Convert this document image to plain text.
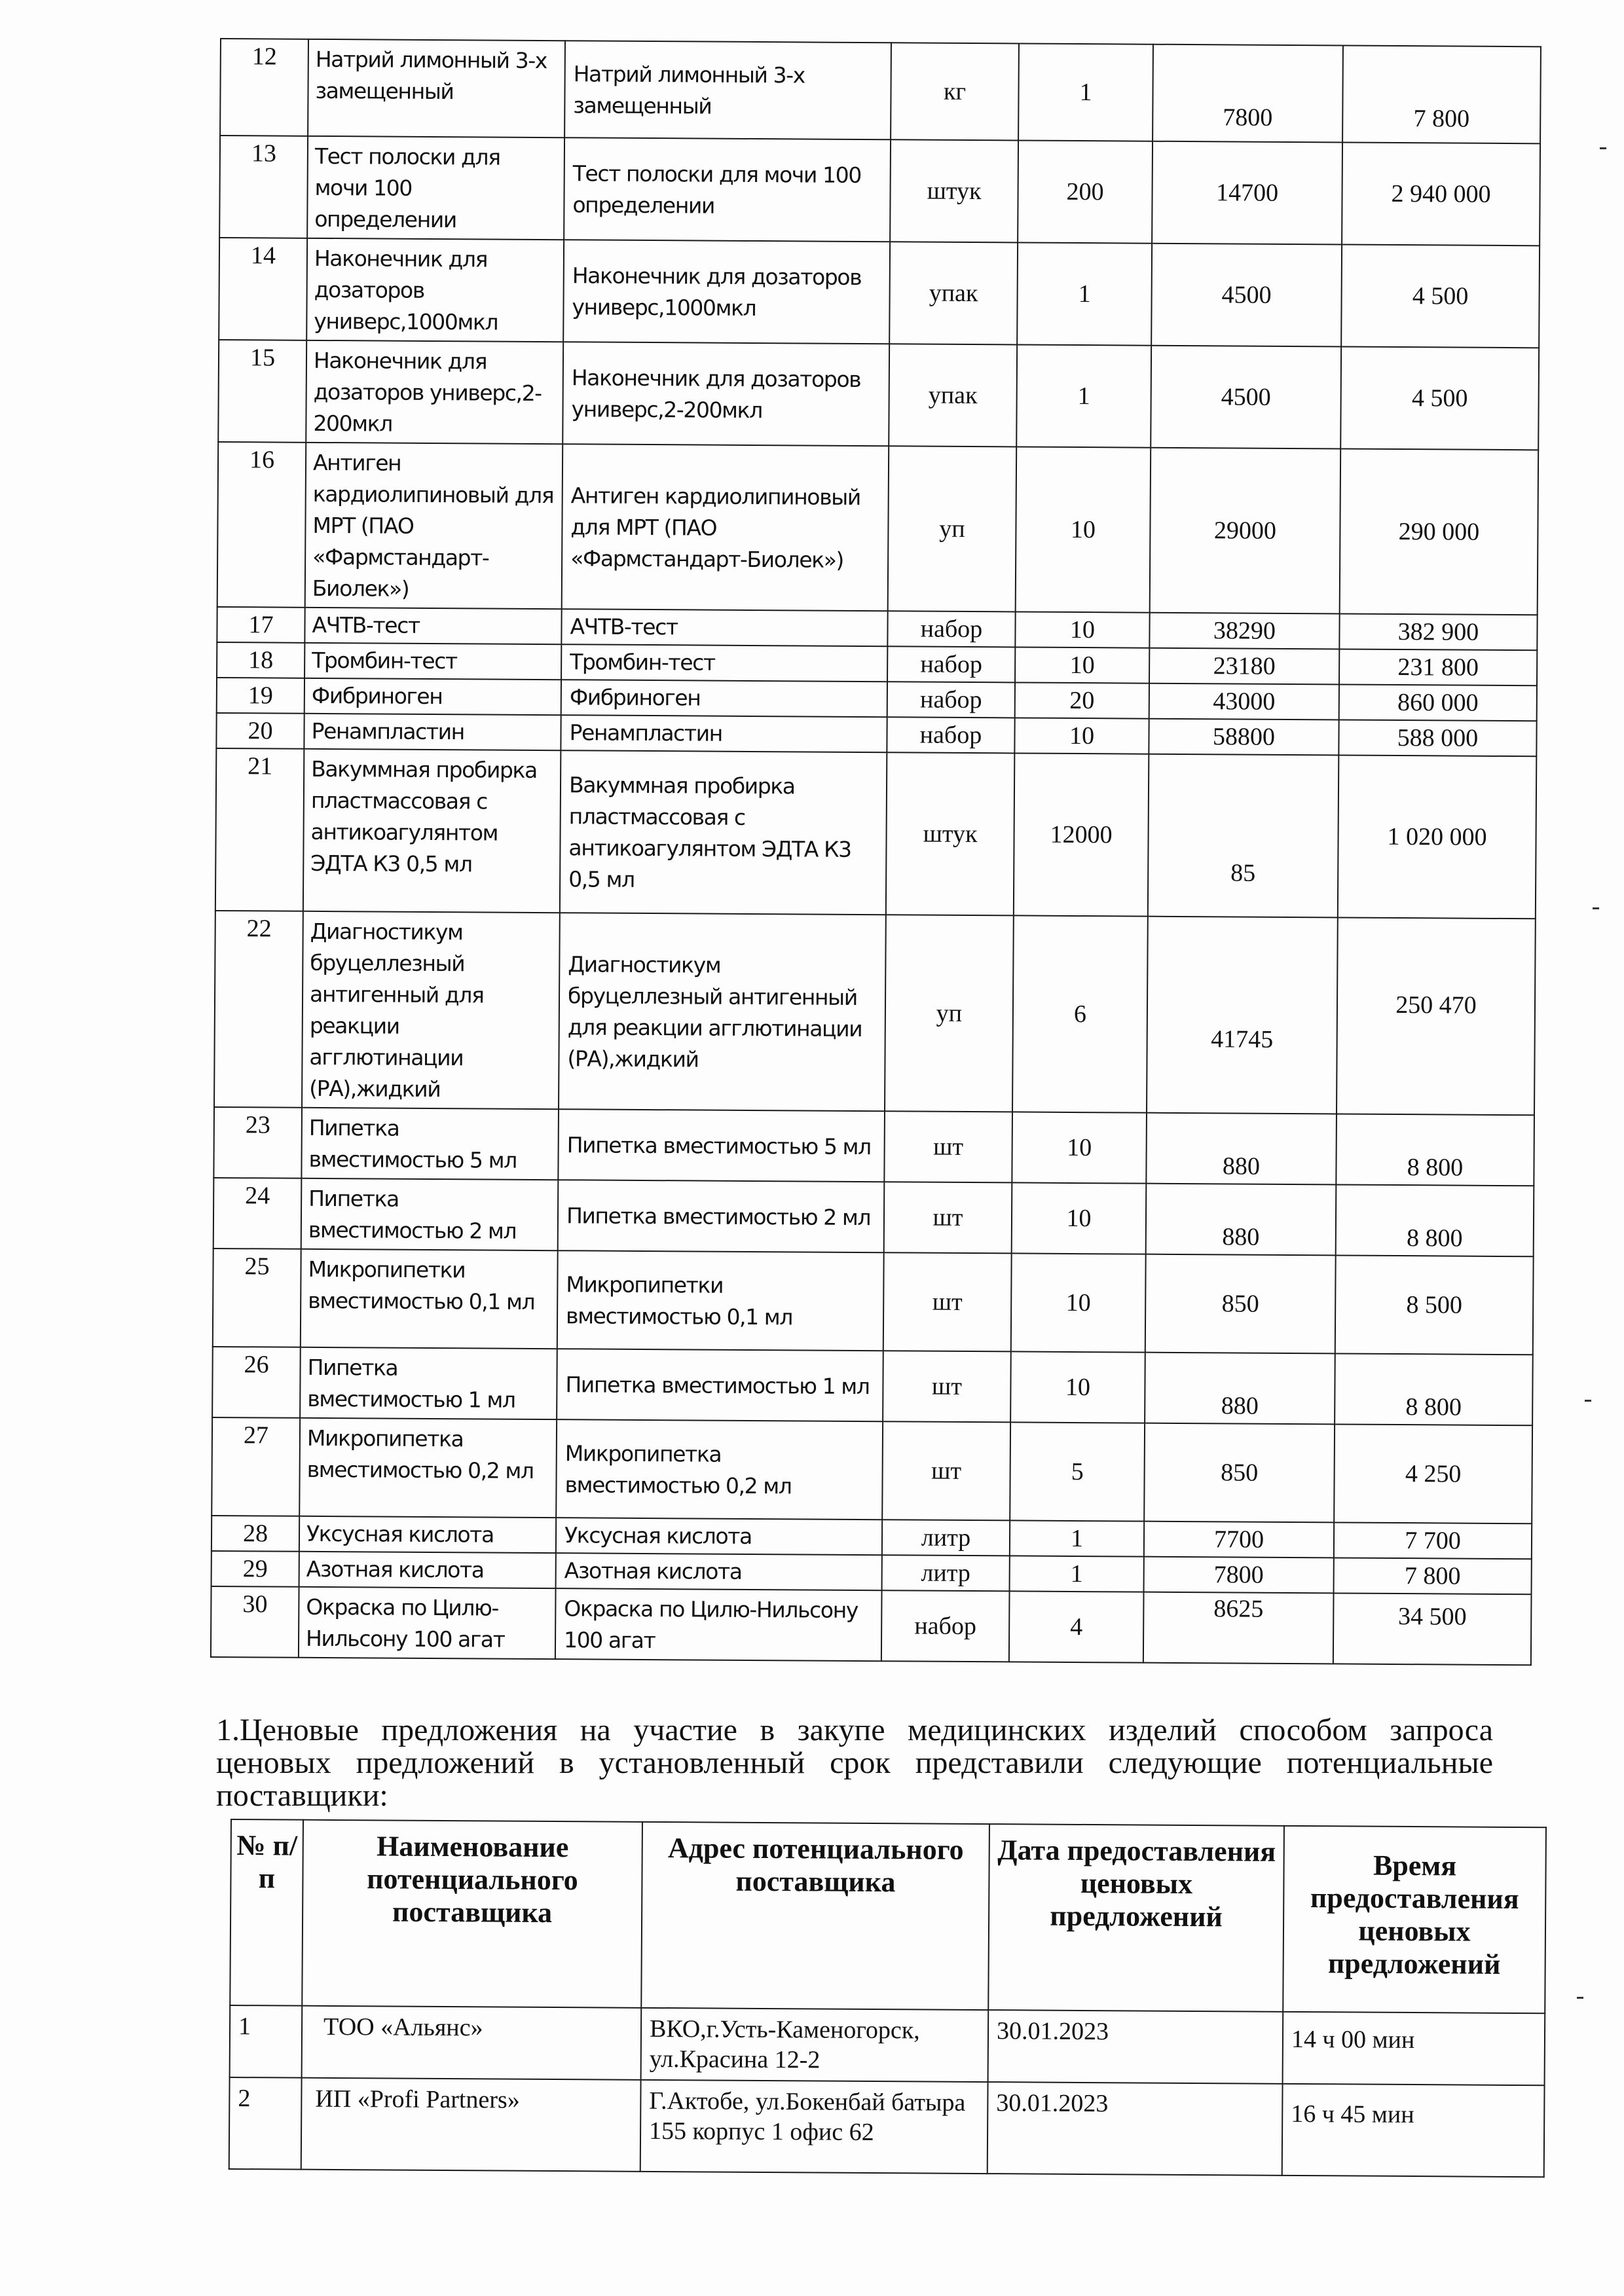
12	Натрий лимонный 3-х замещенный	Натрий лимонный 3-х замещенный	кг	1	7800	7 800
13	Тест полоски для мочи 100 определении	Тест полоски для мочи 100 определении	штук	200	14700	2 940 000
14	Наконечник для дозаторов универс,1000мкл	Наконечник для дозаторов универс,1000мкл	упак	1	4500	4 500
15	Наконечник для дозаторов универс,2-200мкл	Наконечник для дозаторов универс,2-200мкл	упак	1	4500	4 500
16	Антиген кардиолипиновый для МРТ (ПАО «Фармстандарт-Биолек»)	Антиген кардиолипиновый для МРТ (ПАО «Фармстандарт-Биолек»)	уп	10	29000	290 000
17	АЧТВ-тест	АЧТВ-тест	набор	10	38290	382 900
18	Тромбин-тест	Тромбин-тест	набор	10	23180	231 800
19	Фибриноген	Фибриноген	набор	20	43000	860 000
20	Ренампластин	Ренампластин	набор	10	58800	588 000
21	Вакуммная пробирка пластмассовая с антикоагулянтом ЭДТА К3 0,5 мл	Вакуммная пробирка пластмассовая с антикоагулянтом ЭДТА К3 0,5 мл	штук	12000	85	1 020 000
22	Диагностикум бруцеллезный антигенный для реакции агглютинации (РА),жидкий	Диагностикум бруцеллезный антигенный для реакции агглютинации (РА),жидкий	уп	6	41745	250 470
23	Пипетка вместимостью 5 мл	Пипетка вместимостью 5 мл	шт	10	880	8 800
24	Пипетка вместимостью 2 мл	Пипетка вместимостью 2 мл	шт	10	880	8 800
25	Микропипетки вместимостью 0,1 мл	Микропипетки вместимостью 0,1 мл	шт	10	850	8 500
26	Пипетка вместимостью 1 мл	Пипетка вместимостью 1 мл	шт	10	880	8 800
27	Микропипетка вместимостью 0,2 мл	Микропипетка вместимостью 0,2 мл	шт	5	850	4 250
28	Уксусная кислота	Уксусная кислота	литр	1	7700	7 700
29	Азотная кислота	Азотная кислота	литр	1	7800	7 800
30	Окраска по Цилю-Нильсону 100 агат	Окраска по Цилю-Нильсону 100 агат	набор	4	8625	34 500

1.Ценовые предложения на участие в закупе медицинских изделий способом запроса ценовых предложений в установленный срок представили следующие потенциальные поставщики:

№ п/п	Наименование потенциального поставщика	Адрес потенциального поставщика	Дата предоставления ценовых предложений	Время предоставления ценовых предложений
1	ТОО «Альянс»	ВКО,г.Усть-Каменогорск, ул.Красина 12-2	30.01.2023	14 ч 00 мин
2	ИП «Profi Partners»	Г.Актобе, ул.Бокенбай батыра 155 корпус 1 офис 62	30.01.2023	16 ч 45 мин
